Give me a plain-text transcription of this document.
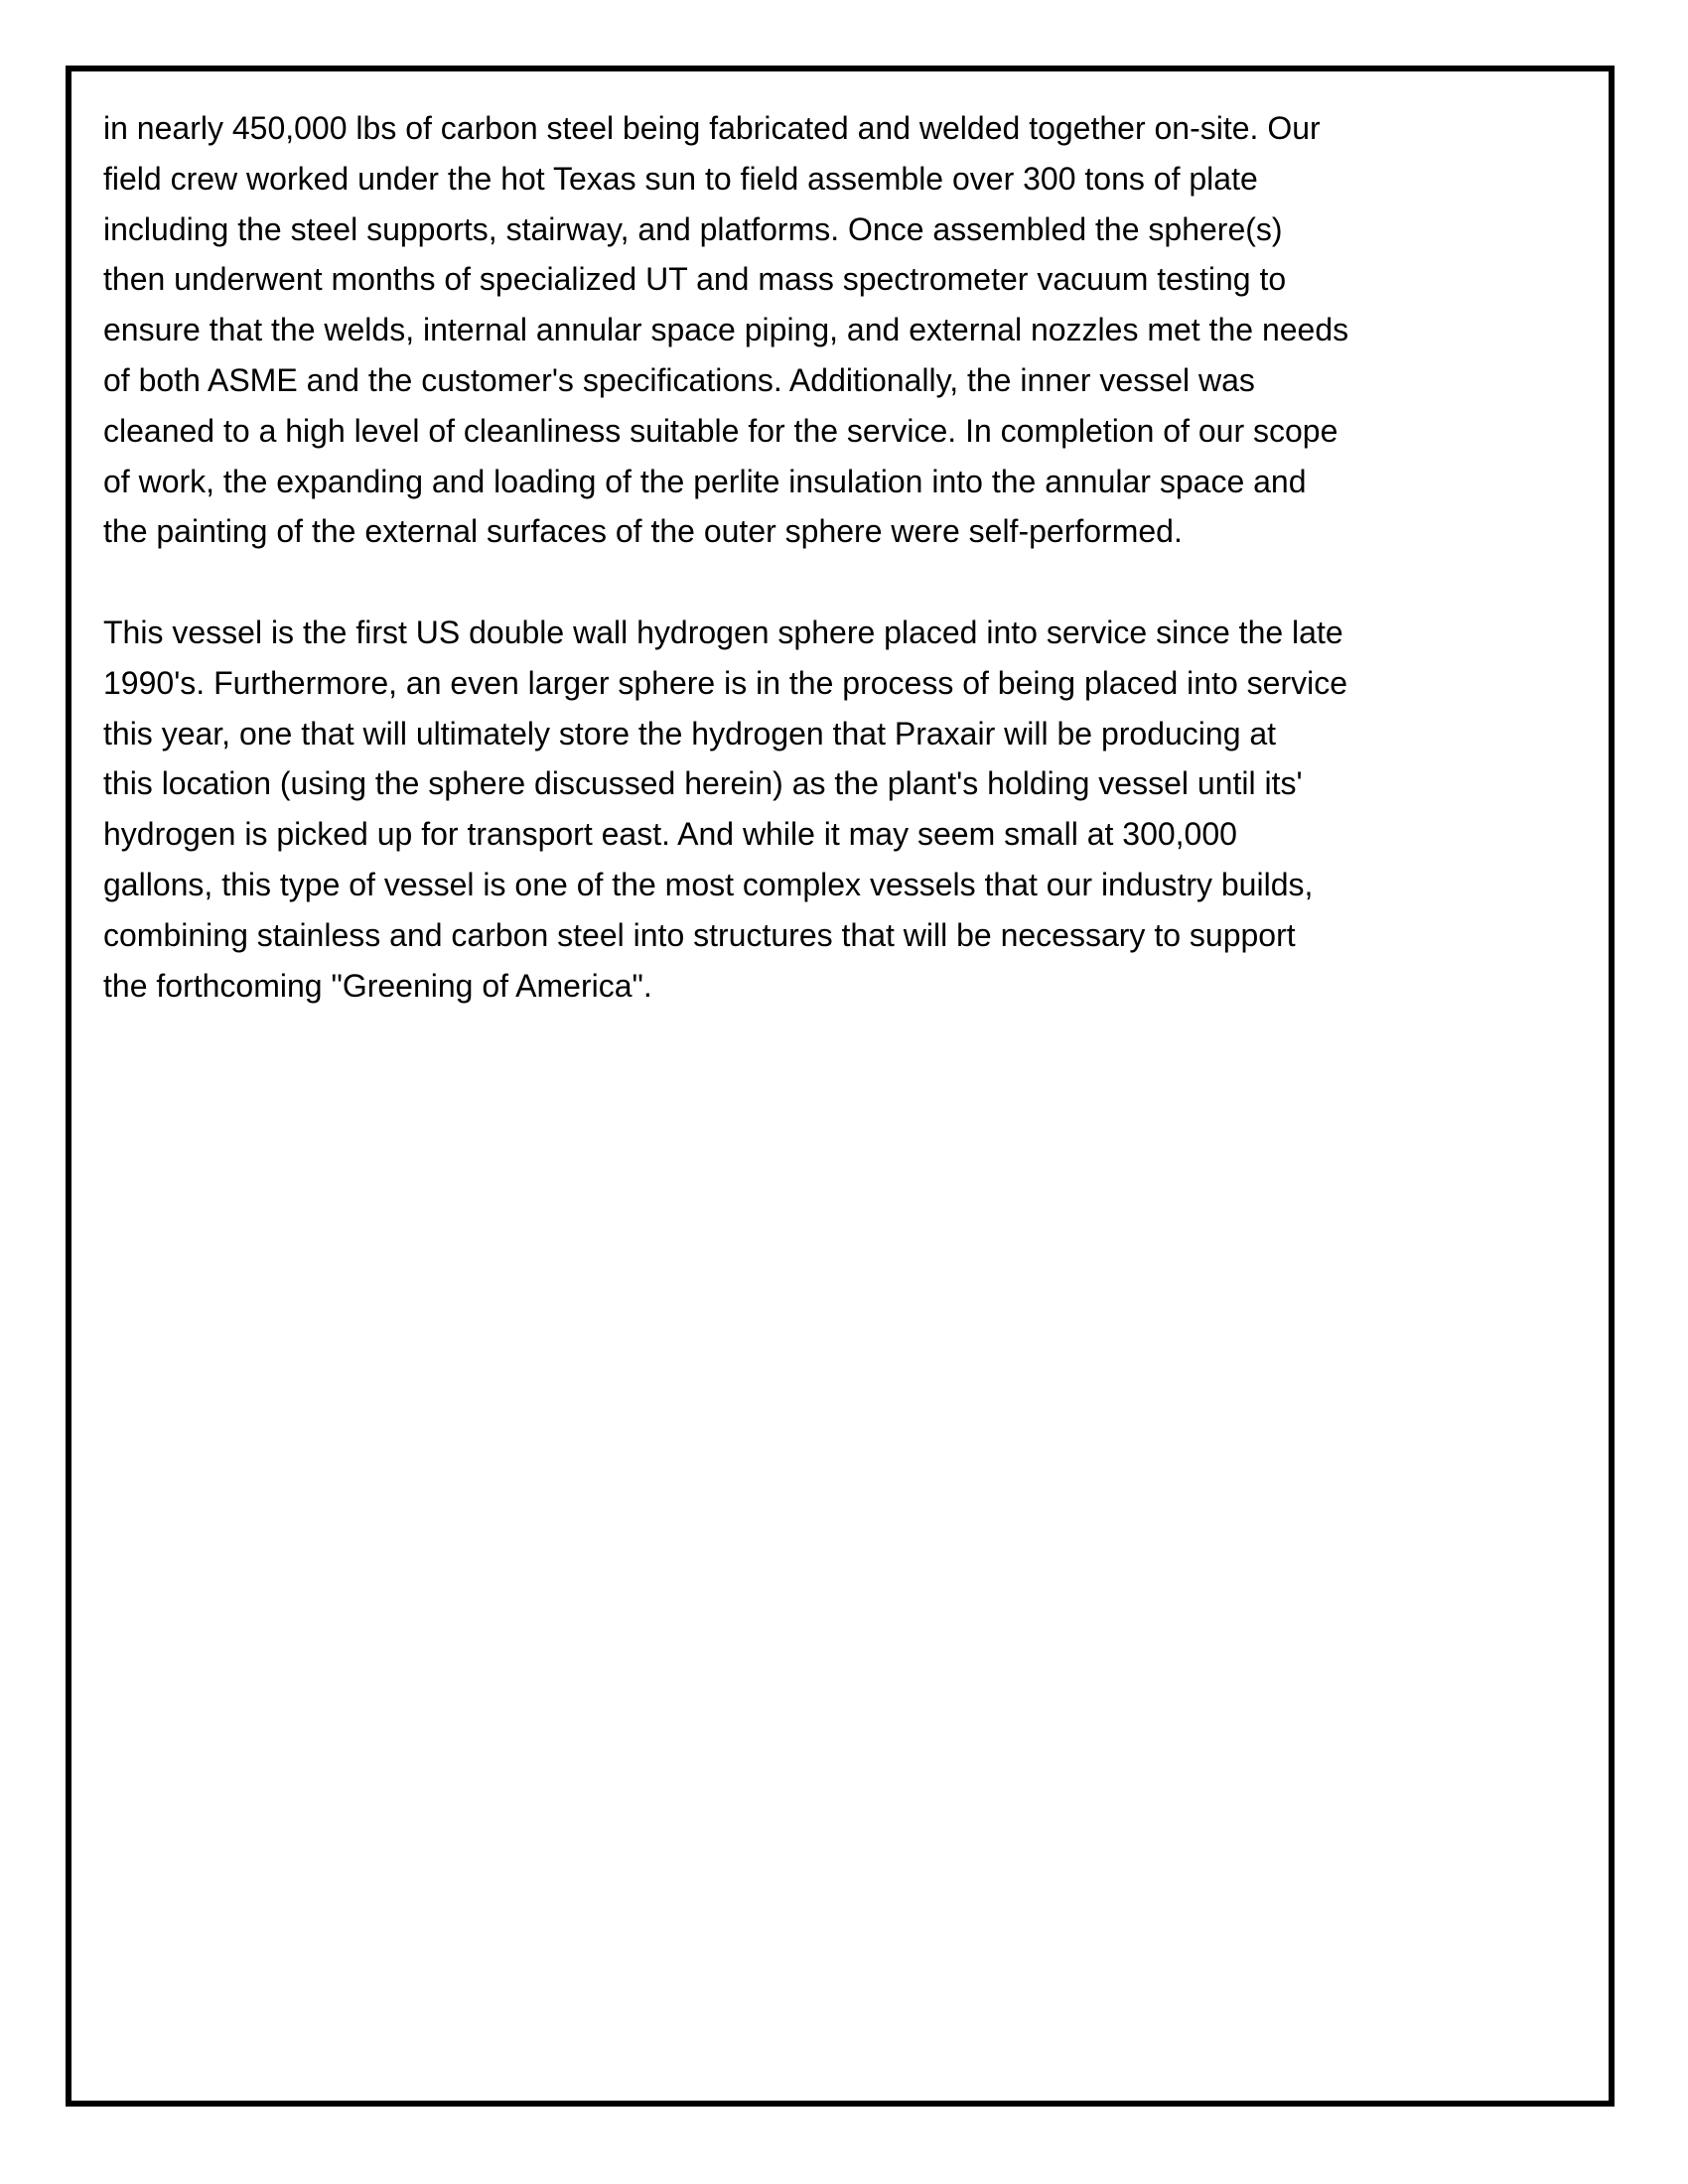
in nearly 450,000 lbs of carbon steel being fabricated and welded together on-site. Our
field crew worked under the hot Texas sun to field assemble over 300 tons of plate
including the steel supports, stairway, and platforms. Once assembled the sphere(s)
then underwent months of specialized UT and mass spectrometer vacuum testing to
ensure that the welds, internal annular space piping, and external nozzles met the needs
of both ASME and the customer's specifications. Additionally, the inner vessel was
cleaned to a high level of cleanliness suitable for the service. In completion of our scope
of work, the expanding and loading of the perlite insulation into the annular space and
the painting of the external surfaces of the outer sphere were self-performed.
This vessel is the first US double wall hydrogen sphere placed into service since the late
1990's. Furthermore, an even larger sphere is in the process of being placed into service
this year, one that will ultimately store the hydrogen that Praxair will be producing at
this location (using the sphere discussed herein) as the plant's holding vessel until its'
hydrogen is picked up for transport east. And while it may seem small at 300,000
gallons, this type of vessel is one of the most complex vessels that our industry builds,
combining stainless and carbon steel into structures that will be necessary to support
the forthcoming "Greening of America".
